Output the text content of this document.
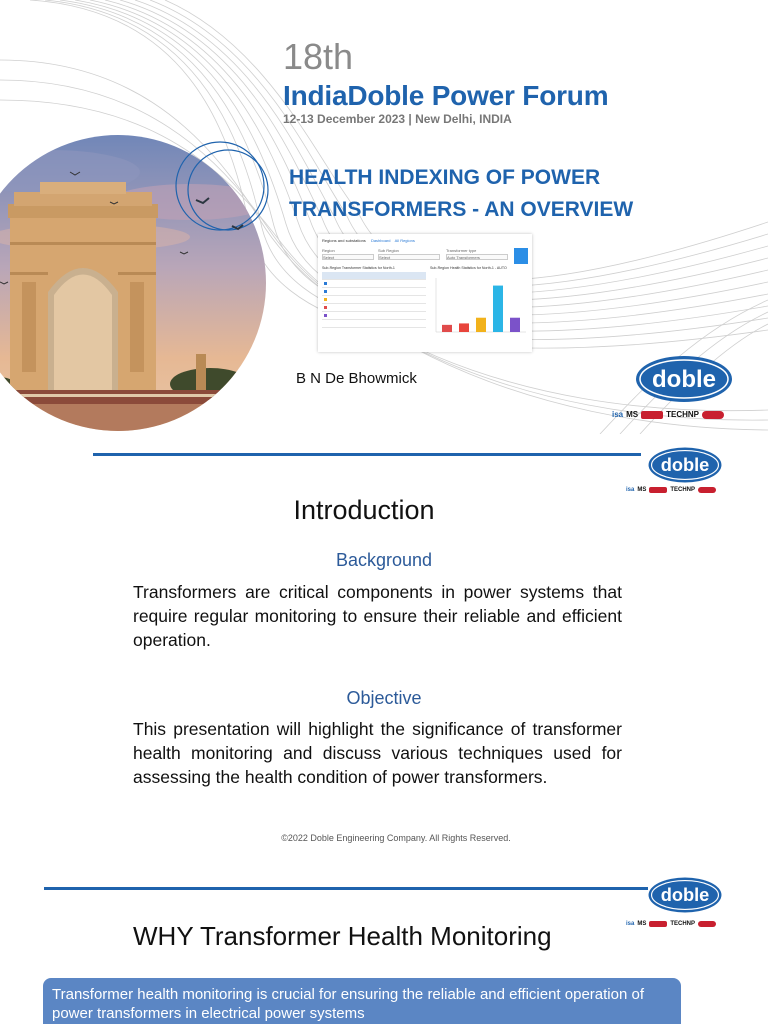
18th
IndiaDoble Power Forum
12-13 December 2023 | New Delhi, INDIA
HEALTH INDEXING OF POWER
TRANSFORMERS - AN OVERVIEW
Regions and substations Dashboard All Regions
Region	Sub Region	Transformer type
Select	Select	Auto Transformers
Sub-Region Transformer Statistics for North-1	Sub-Region Health Statistics for North-1 - AUTO
B N De Bhowmick	doble
isa MS	TECHNP
doble
isa MS	TECHNP
Introduction
Background
Transformers are critical components in power systems that require regular monitoring to ensure their reliable and efficient operation.
Objective
This presentation will highlight the significance of transformer health monitoring and discuss various techniques used for assessing the health condition of power transformers.
©2022 Doble Engineering Company. All Rights Reserved.
doble
isa MS	TECHNP
WHY Transformer Health Monitoring
Transformer health monitoring is crucial for ensuring the reliable and efficient operation of power transformers in electrical power systems
